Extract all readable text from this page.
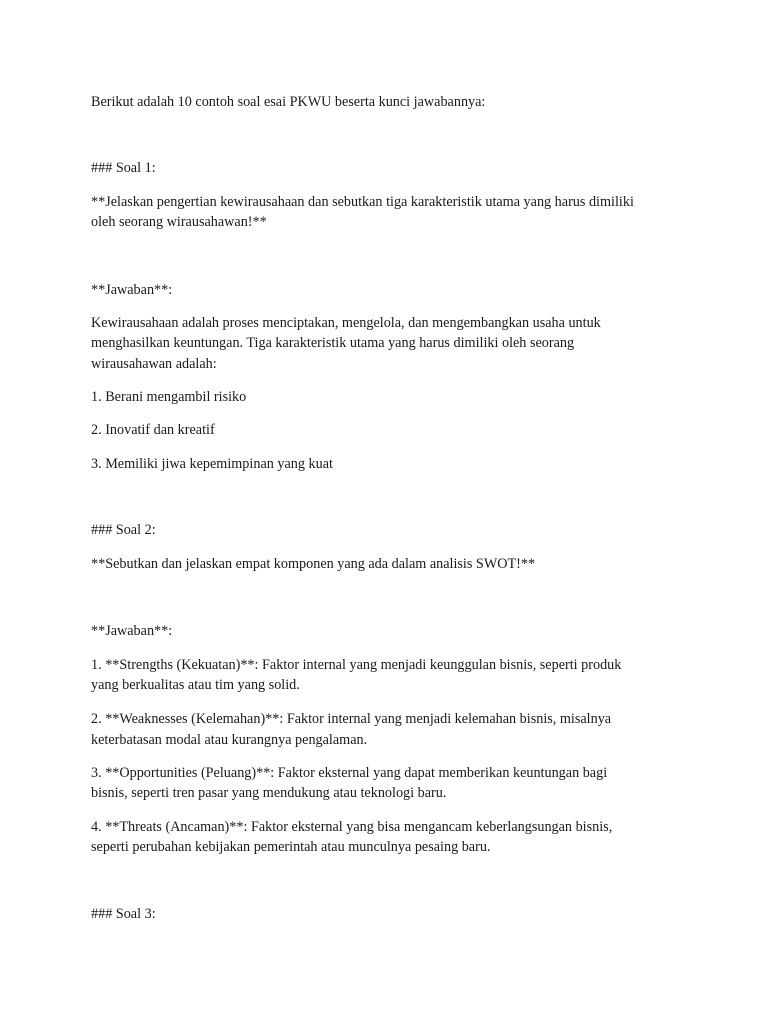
Berikut adalah 10 contoh soal esai PKWU beserta kunci jawabannya:
### Soal 1:
**Jelaskan pengertian kewirausahaan dan sebutkan tiga karakteristik utama yang harus dimiliki
oleh seorang wirausahawan!**
**Jawaban**:
Kewirausahaan adalah proses menciptakan, mengelola, dan mengembangkan usaha untuk
menghasilkan keuntungan. Tiga karakteristik utama yang harus dimiliki oleh seorang
wirausahawan adalah:
1. Berani mengambil risiko
2. Inovatif dan kreatif
3. Memiliki jiwa kepemimpinan yang kuat
### Soal 2:
**Sebutkan dan jelaskan empat komponen yang ada dalam analisis SWOT!**
**Jawaban**:
1. **Strengths (Kekuatan)**: Faktor internal yang menjadi keunggulan bisnis, seperti produk
yang berkualitas atau tim yang solid.
2. **Weaknesses (Kelemahan)**: Faktor internal yang menjadi kelemahan bisnis, misalnya
keterbatasan modal atau kurangnya pengalaman.
3. **Opportunities (Peluang)**: Faktor eksternal yang dapat memberikan keuntungan bagi
bisnis, seperti tren pasar yang mendukung atau teknologi baru.
4. **Threats (Ancaman)**: Faktor eksternal yang bisa mengancam keberlangsungan bisnis,
seperti perubahan kebijakan pemerintah atau munculnya pesaing baru.
### Soal 3:
